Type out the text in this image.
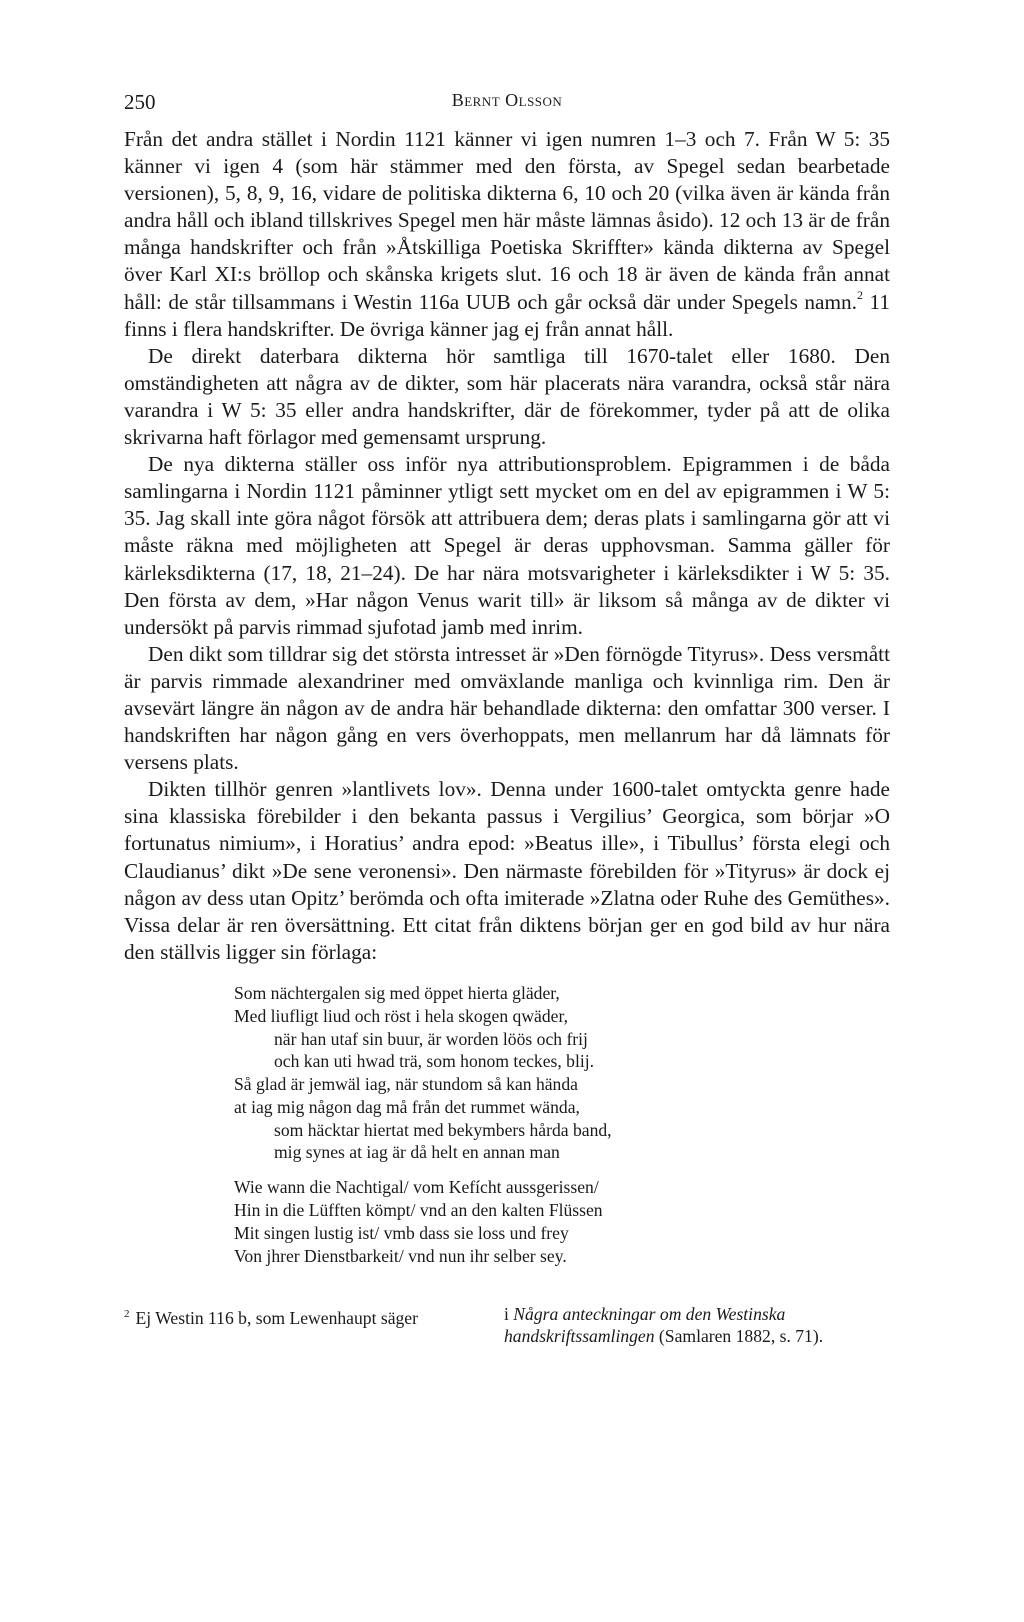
250	Bernt Olsson

Från det andra stället i Nordin 1121 känner vi igen numren 1–3 och 7. Från W 5: 35 känner vi igen 4 (som här stämmer med den första, av Spegel sedan bearbetade versionen), 5, 8, 9, 16, vidare de politiska dikterna 6, 10 och 20 (vilka även är kända från andra håll och ibland tillskrives Spegel men här måste lämnas åsido). 12 och 13 är de från många handskrifter och från »Åtskilliga Poetiska Skriffter» kända dikterna av Spegel över Karl XI:s bröllop och skånska krigets slut. 16 och 18 är även de kända från annat håll: de står tillsammans i Westin 116a UUB och går också där under Spegels namn.$^2$ 11 finns i flera handskrifter. De övriga känner jag ej från annat håll.

De direkt daterbara dikterna hör samtliga till 1670-talet eller 1680. Den omständigheten att några av de dikter, som här placerats nära varandra, också står nära varandra i W 5: 35 eller andra handskrifter, där de förekommer, tyder på att de olika skrivarna haft förlagor med gemensamt ursprung.

De nya dikterna ställer oss inför nya attributionsproblem. Epigrammen i de båda samlingarna i Nordin 1121 påminner ytligt sett mycket om en del av epigrammen i W 5: 35. Jag skall inte göra något försök att attribuera dem; deras plats i samlingarna gör att vi måste räkna med möjligheten att Spegel är deras upphovsman. Samma gäller för kärleksdikterna (17, 18, 21–24). De har nära motsvarigheter i kärleksdikter i W 5: 35. Den första av dem, »Har någon Venus warit till» är liksom så många av de dikter vi undersökt på parvis rimmad sjufotad jamb med inrim.

Den dikt som tilldrar sig det största intresset är »Den förnögde Tityrus». Dess versmått är parvis rimmade alexandriner med omväxlande manliga och kvinnliga rim. Den är avsevärt längre än någon av de andra här behandlade dikterna: den omfattar 300 verser. I handskriften har någon gång en vers överhoppats, men mellanrum har då lämnats för versens plats.

Dikten tillhör genren »lantlivets lov». Denna under 1600-talet omtyckta genre hade sina klassiska förebilder i den bekanta passus i Vergilius’ Georgica, som börjar »O fortunatus nimium», i Horatius’ andra epod: »Beatus ille», i Tibullus’ första elegi och Claudianus’ dikt »De sene veronensi». Den närmaste förebilden för »Tityrus» är dock ej någon av dess utan Opitz’ berömda och ofta imiterade »Zlatna oder Ruhe des Gemüthes». Vissa delar är ren översättning. Ett citat från diktens början ger en god bild av hur nära den ställvis ligger sin förlaga:

Som nächtergalen sig med öppet hierta gläder,
Med liufligt liud och röst i hela skogen qwäder,
när han utaf sin buur, är worden löös och frij
och kan uti hwad trä, som honom teckes, blij.
Så glad är jemwäl iag, när stundom så kan hända
at iag mig någon dag må från det rummet wända,
som häcktar hiertat med bekymbers hårda band,
mig synes at iag är då helt en annan man
Wie wann die Nachtigal/ vom Kefícht aussgerissen/
Hin in die Lüfften kömpt/ vnd an den kalten Flüssen
Mit singen lustig ist/ vmb dass sie loss und frey
Von jhrer Dienstbarkeit/ vnd nun ihr selber sey.
$^2$ Ej Westin 116 b, som Lewenhaupt säger	i Några anteckningar om den Westinska handskriftssamlingen (Samlaren 1882, s. 71).
